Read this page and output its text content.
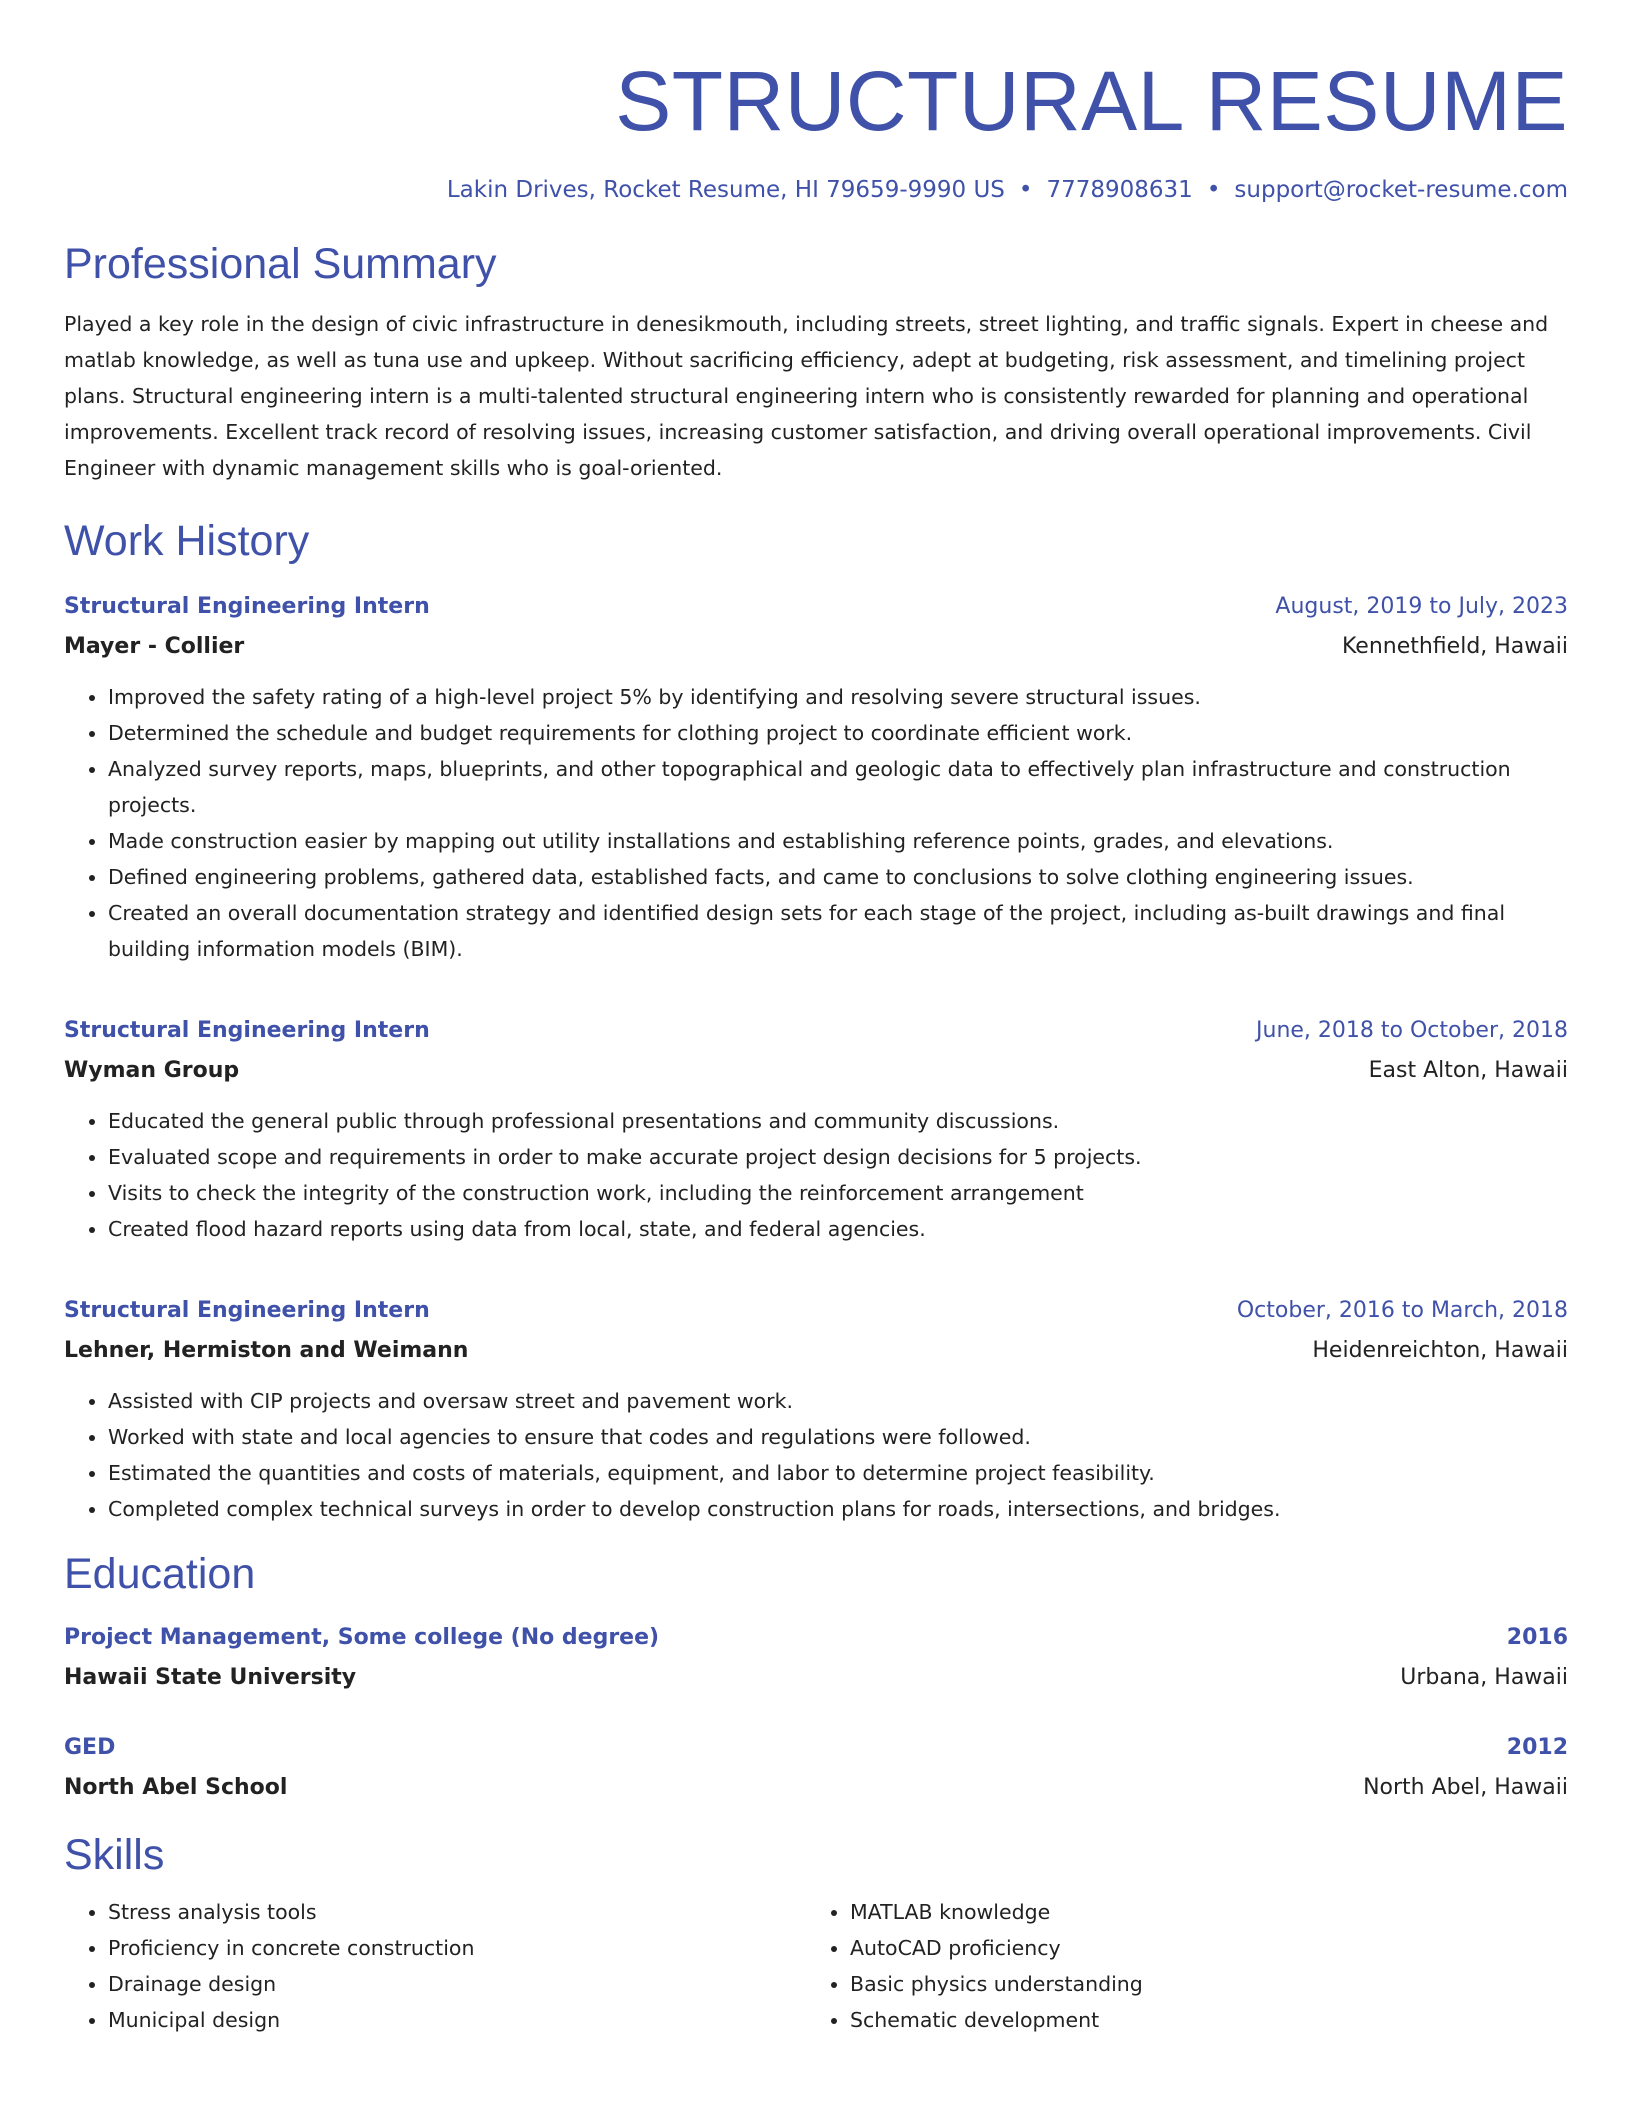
STRUCTURAL RESUME
Lakin Drives, Rocket Resume, HI 79659-9990 US • 7778908631 • support@rocket-resume.com
Professional Summary

Played a key role in the design of civic infrastructure in denesikmouth, including streets, street lighting, and traffic signals. Expert in cheese and matlab knowledge, as well as tuna use and upkeep. Without sacrificing efficiency, adept at budgeting, risk assessment, and timelining project plans. Structural engineering intern is a multi-talented structural engineering intern who is consistently rewarded for planning and operational improvements. Excellent track record of resolving issues, increasing customer satisfaction, and driving overall operational improvements. Civil Engineer with dynamic management skills who is goal-oriented.

Work History
Structural Engineering Intern	August, 2019 to July, 2023
Mayer - Collier	Kennethfield, Hawaii
• Improved the safety rating of a high-level project 5% by identifying and resolving severe structural issues.
• Determined the schedule and budget requirements for clothing project to coordinate efficient work.
• Analyzed survey reports, maps, blueprints, and other topographical and geologic data to effectively plan infrastructure and construction projects.
• Made construction easier by mapping out utility installations and establishing reference points, grades, and elevations.
• Defined engineering problems, gathered data, established facts, and came to conclusions to solve clothing engineering issues.
• Created an overall documentation strategy and identified design sets for each stage of the project, including as-built drawings and final building information models (BIM).
Structural Engineering Intern	June, 2018 to October, 2018
Wyman Group	East Alton, Hawaii
• Educated the general public through professional presentations and community discussions.
• Evaluated scope and requirements in order to make accurate project design decisions for 5 projects.
• Visits to check the integrity of the construction work, including the reinforcement arrangement
• Created flood hazard reports using data from local, state, and federal agencies.
Structural Engineering Intern	October, 2016 to March, 2018
Lehner, Hermiston and Weimann	Heidenreichton, Hawaii
• Assisted with CIP projects and oversaw street and pavement work.
• Worked with state and local agencies to ensure that codes and regulations were followed.
• Estimated the quantities and costs of materials, equipment, and labor to determine project feasibility.
• Completed complex technical surveys in order to develop construction plans for roads, intersections, and bridges.
Education
Project Management, Some college (No degree)	2016
Hawaii State University	Urbana, Hawaii
GED	2012
North Abel School	North Abel, Hawaii
Skills
• Stress analysis tools
• Proficiency in concrete construction
• Drainage design
• Municipal design
• MATLAB knowledge
• AutoCAD proficiency
• Basic physics understanding
• Schematic development
